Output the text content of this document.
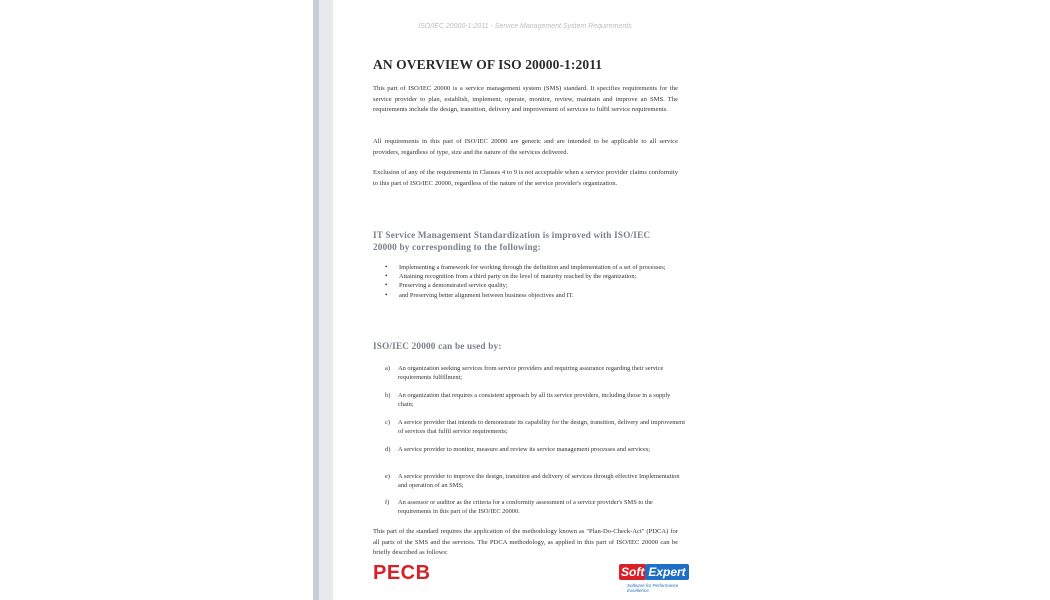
ISO/IEC 20000-1:2011 - Service Management System Requirements
AN OVERVIEW OF ISO 20000-1:2011
This part of ISO/IEC 20000 is a service management system (SMS) standard. It specifies requirements for the service provider to plan, establish, implement, operate, monitor, review, maintain and improve an SMS. The requirements include the design, transition, delivery and improvement of services to fulfil service requirements.
All requirements in this part of ISO/IEC 20000 are generic and are intended to be applicable to all service providers, regardless of type, size and the nature of the services delivered.
Exclusion of any of the requirements in Clauses 4 to 9 is not acceptable when a service provider claims conformity to this part of ISO/IEC 20000, regardless of the nature of the service provider's organization.
IT Service Management Standardization is improved with ISO/IEC 20000 by corresponding to the following:
• Implementing a framework for working through the definition and implementation of a set of processes;
• Attaining recognition from a third party on the level of maturity reached by the organization;
• Preserving a demonstrated service quality;
• and Preserving better alignment between business objectives and IT.
ISO/IEC 20000 can be used by:
a)	An organization seeking services from service providers and requiring assurance regarding their service requirements fulfillment;
b)	An organization that requires a consistent approach by all its service providers, including those in a supply chain;
c)	A service provider that intends to demonstrate its capability for the design, transition, delivery and improvement of services that fulfil service requirements;
d)	A service provider to monitor, measure and review its service management processes and services;
e)	A service provider to improve the design, transition and delivery of services through effective Implementation and operation of an SMS;
f)	An assessor or auditor as the criteria for a conformity assessment of a service provider's SMS to the requirements in this part of the ISO/IEC 20000.
This part of the standard requires the application of the methodology known as "Plan-Do-Check-Act" (PDCA) for all parts of the SMS and the services. The PDCA methodology, as applied in this part of ISO/IEC 20000 can be briefly described as follows:
PECB	Soft Expert
Software for Performance Excellence
